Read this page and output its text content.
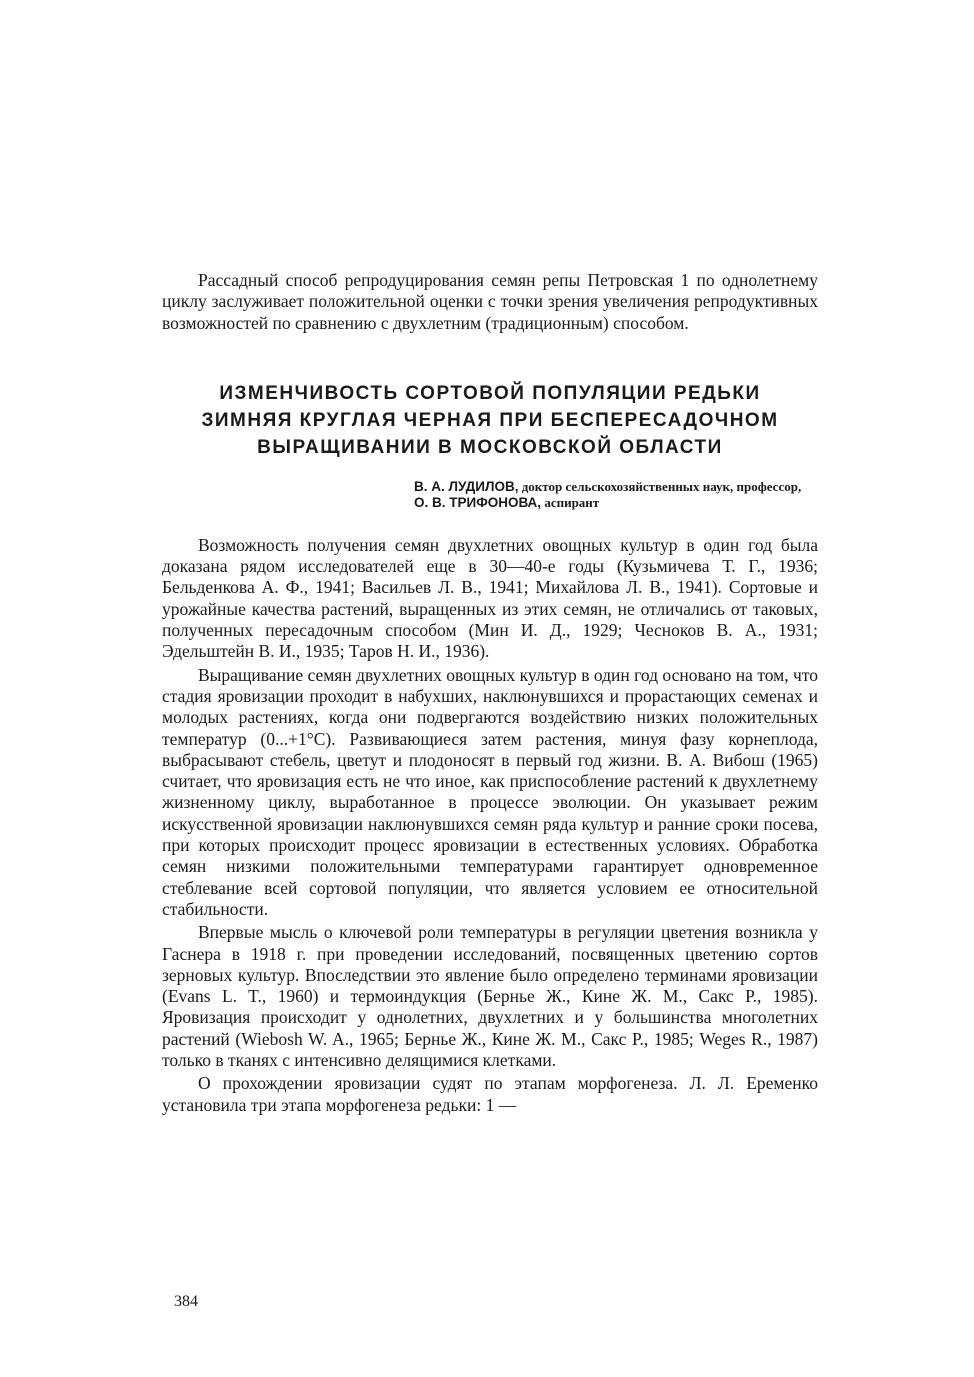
Рассадный способ репродуцирования семян репы Петровская 1 по однолетнему циклу заслуживает положительной оценки с точки зрения увеличения репродуктивных возможностей по сравнению с двухлетним (традиционным) способом.

ИЗМЕНЧИВОСТЬ СОРТОВОЙ ПОПУЛЯЦИИ РЕДЬКИ
ЗИМНЯЯ КРУГЛАЯ ЧЕРНАЯ ПРИ БЕСПЕРЕСАДОЧНОМ
ВЫРАЩИВАНИИ В МОСКОВСКОЙ ОБЛАСТИ
В. А. ЛУДИЛОВ, доктор сельскохозяйственных наук, профессор,
О. В. ТРИФОНОВА, аспирант

Возможность получения семян двухлетних овощных культур в один год была доказана рядом исследователей еще в 30—40-е годы (Кузьмичева Т. Г., 1936; Бельденкова А. Ф., 1941; Васильев Л. В., 1941; Михайлова Л. В., 1941). Сортовые и урожайные качества растений, выращенных из этих семян, не отличались от таковых, полученных пересадочным способом (Мин И. Д., 1929; Чесноков В. А., 1931; Эдельштейн В. И., 1935; Таров Н. И., 1936).

Выращивание семян двухлетних овощных культур в один год основано на том, что стадия яровизации проходит в набухших, наклюнувшихся и прорастающих семенах и молодых растениях, когда они подвергаются воздействию низких положительных температур (0...+1°С). Развивающиеся затем растения, минуя фазу корнеплода, выбрасывают стебель, цветут и плодоносят в первый год жизни. В. А. Вибош (1965) считает, что яровизация есть не что иное, как приспособление растений к двухлетнему жизненному циклу, выработанное в процессе эволюции. Он указывает режим искусственной яровизации наклюнувшихся семян ряда культур и ранние сроки посева, при которых происходит процесс яровизации в естественных условиях. Обработка семян низкими положительными температурами гарантирует одновременное стеблевание всей сортовой популяции, что является условием ее относительной стабильности.

Впервые мысль о ключевой роли температуры в регуляции цветения возникла у Гаснера в 1918 г. при проведении исследований, посвященных цветению сортов зерновых культур. Впоследствии это явление было определено терминами яровизации (Evans L. T., 1960) и термоиндукция (Бернье Ж., Кине Ж. М., Сакс Р., 1985). Яровизация происходит у однолетних, двухлетних и у большинства многолетних растений (Wiebosh W. A., 1965; Бернье Ж., Кине Ж. М., Сакс Р., 1985; Weges R., 1987) только в тканях с интенсивно делящимися клетками.

О прохождении яровизации судят по этапам морфогенеза. Л. Л. Еременко установила три этапа морфогенеза редьки: 1 —

384
